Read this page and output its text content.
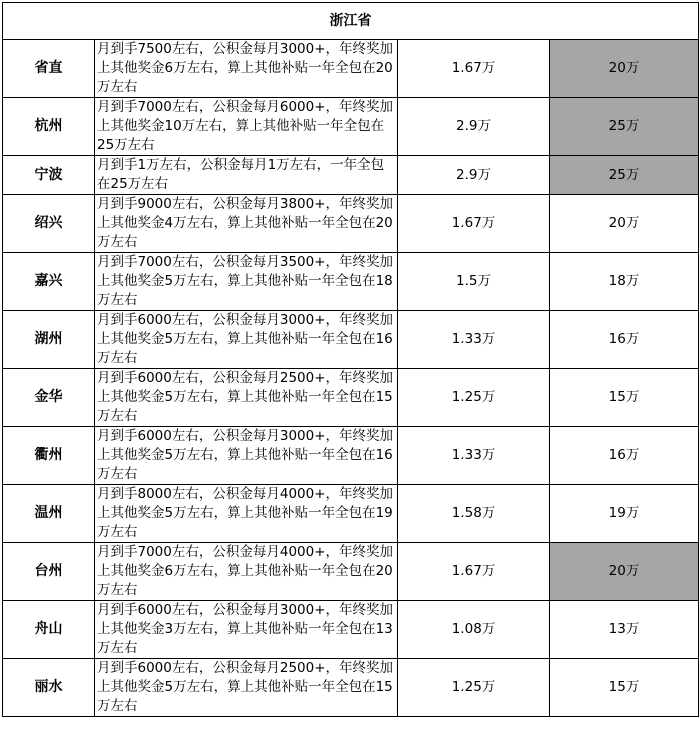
浙江省			
省直	月到手7500左右，公积金每月3000+，年终奖加上其他奖金6万左右，算上其他补贴一年全包在20万左右	1.67万	20万
杭州	月到手7000左右，公积金每月6000+，年终奖加上其他奖金10万左右，算上其他补贴一年全包在25万左右	2.9万	25万
宁波	月到手1万左右，公积金每月1万左右，一年全包在25万左右	2.9万	25万
绍兴	月到手9000左右，公积金每月3800+，年终奖加上其他奖金4万左右，算上其他补贴一年全包在20万左右	1.67万	20万
嘉兴	月到手7000左右，公积金每月3500+，年终奖加上其他奖金5万左右，算上其他补贴一年全包在18万左右	1.5万	18万
湖州	月到手6000左右，公积金每月3000+，年终奖加上其他奖金5万左右，算上其他补贴一年全包在16万左右	1.33万	16万
金华	月到手6000左右，公积金每月2500+，年终奖加上其他奖金5万左右，算上其他补贴一年全包在15万左右	1.25万	15万
衢州	月到手6000左右，公积金每月3000+，年终奖加上其他奖金5万左右，算上其他补贴一年全包在16万左右	1.33万	16万
温州	月到手8000左右，公积金每月4000+，年终奖加上其他奖金5万左右，算上其他补贴一年全包在19万左右	1.58万	19万
台州	月到手7000左右，公积金每月4000+，年终奖加上其他奖金6万左右，算上其他补贴一年全包在20万左右	1.67万	20万
舟山	月到手6000左右，公积金每月3000+，年终奖加上其他奖金3万左右，算上其他补贴一年全包在13万左右	1.08万	13万
丽水	月到手6000左右，公积金每月2500+，年终奖加上其他奖金5万左右，算上其他补贴一年全包在15万左右	1.25万	15万
